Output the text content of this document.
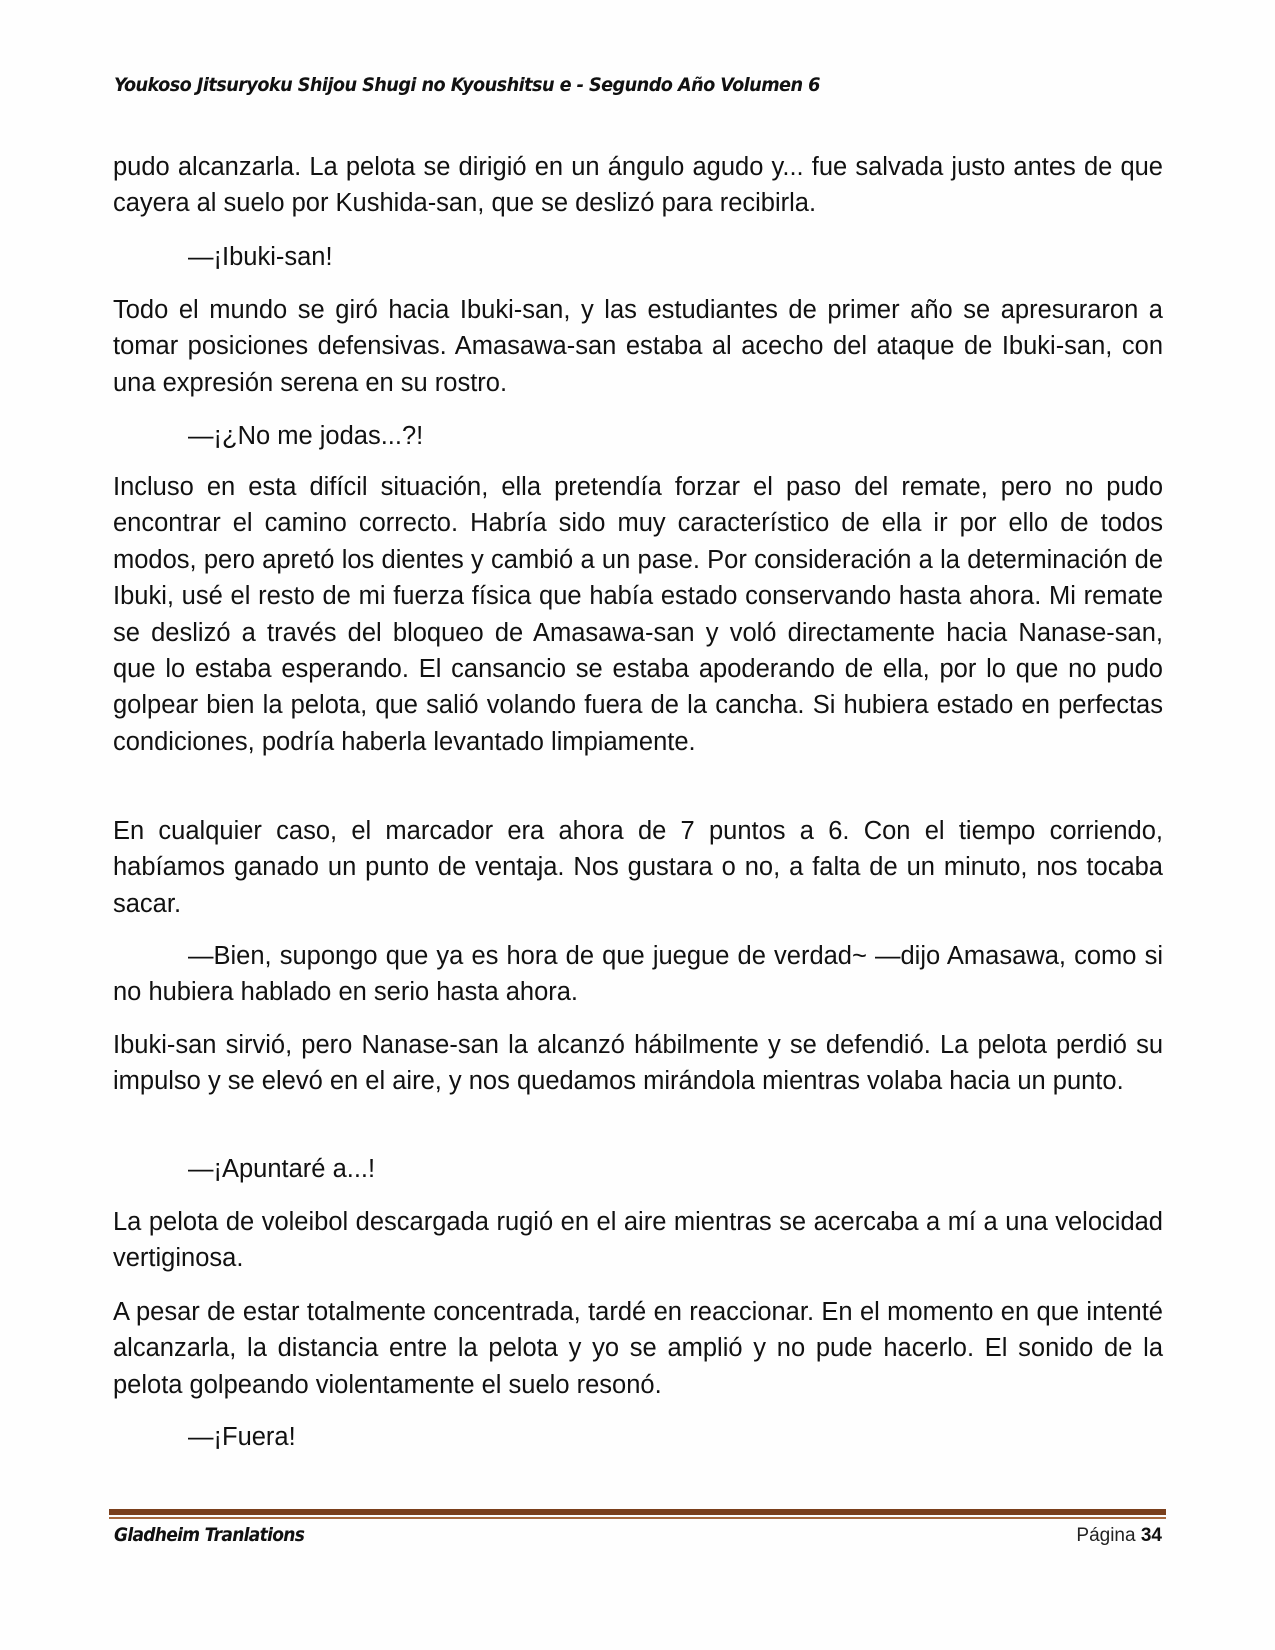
Youkoso Jitsuryoku Shijou Shugi no Kyoushitsu e - Segundo Año Volumen 6

pudo alcanzarla. La pelota se dirigió en un ángulo agudo y... fue salvada justo antes de que cayera al suelo por Kushida-san, que se deslizó para recibirla.

—¡Ibuki-san!

Todo el mundo se giró hacia Ibuki-san, y las estudiantes de primer año se apresuraron a tomar posiciones defensivas. Amasawa-san estaba al acecho del ataque de Ibuki-san, con una expresión serena en su rostro.

—¡¿No me jodas...?!

Incluso en esta difícil situación, ella pretendía forzar el paso del remate, pero no pudo encontrar el camino correcto. Habría sido muy característico de ella ir por ello de todos modos, pero apretó los dientes y cambió a un pase. Por consideración a la determinación de Ibuki, usé el resto de mi fuerza física que había estado conservando hasta ahora. Mi remate se deslizó a través del bloqueo de Amasawa-san y voló directamente hacia Nanase-san, que lo estaba esperando. El cansancio se estaba apoderando de ella, por lo que no pudo golpear bien la pelota, que salió volando fuera de la cancha. Si hubiera estado en perfectas condiciones, podría haberla levantado limpiamente.

En cualquier caso, el marcador era ahora de 7 puntos a 6. Con el tiempo corriendo, habíamos ganado un punto de ventaja. Nos gustara o no, a falta de un minuto, nos tocaba sacar.

—Bien, supongo que ya es hora de que juegue de verdad~ —dijo Amasawa, como si no hubiera hablado en serio hasta ahora.

Ibuki-san sirvió, pero Nanase-san la alcanzó hábilmente y se defendió. La pelota perdió su impulso y se elevó en el aire, y nos quedamos mirándola mientras volaba hacia un punto.

—¡Apuntaré a...!

La pelota de voleibol descargada rugió en el aire mientras se acercaba a mí a una velocidad vertiginosa.

A pesar de estar totalmente concentrada, tardé en reaccionar. En el momento en que intenté alcanzarla, la distancia entre la pelota y yo se amplió y no pude hacerlo. El sonido de la pelota golpeando violentamente el suelo resonó.

—¡Fuera!

Gladheim Tranlations	Página 34
